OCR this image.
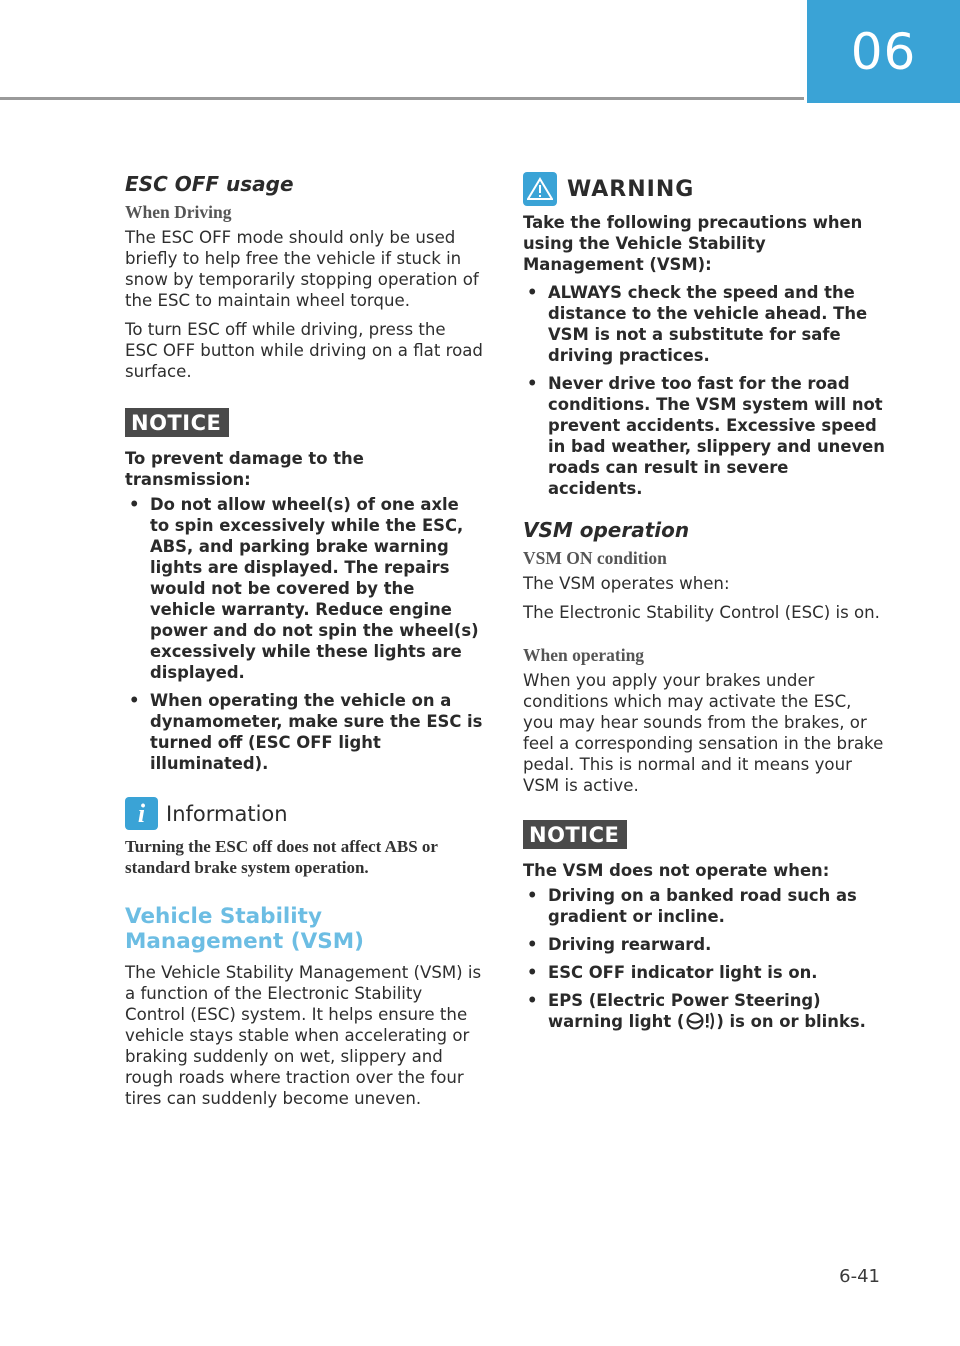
06
ESC OFF usage
When Driving

The ESC OFF mode should only be used briefly to help free the vehicle if stuck in snow by temporarily stopping operation of the ESC to maintain wheel torque.

To turn ESC off while driving, press the ESC OFF button while driving on a flat road surface.

NOTICE
To prevent damage to the transmission:
• Do not allow wheel(s) of one axle to spin excessively while the ESC, ABS, and parking brake warning lights are displayed. The repairs would not be covered by the vehicle warranty. Reduce engine power and do not spin the wheel(s) excessively while these lights are displayed.
• When operating the vehicle on a dynamometer, make sure the ESC is turned off (ESC OFF light illuminated).
i Information

Turning the ESC off does not affect ABS or standard brake system operation.

Vehicle Stability Management (VSM)

The Vehicle Stability Management (VSM) is a function of the Electronic Stability Control (ESC) system. It helps ensure the vehicle stays stable when accelerating or braking suddenly on wet, slippery and rough roads where traction over the four tires can suddenly become uneven.

WARNING
Take the following precautions when using the Vehicle Stability Management (VSM):
• ALWAYS check the speed and the distance to the vehicle ahead. The VSM is not a substitute for safe driving practices.
• Never drive too fast for the road conditions. The VSM system will not prevent accidents. Excessive speed in bad weather, slippery and uneven roads can result in severe accidents.
VSM operation
VSM ON condition

The VSM operates when:

The Electronic Stability Control (ESC) is on.

When operating

When you apply your brakes under conditions which may activate the ESC, you may hear sounds from the brakes, or feel a corresponding sensation in the brake pedal. This is normal and it means your VSM is active.

NOTICE
The VSM does not operate when:
• Driving on a banked road such as gradient or incline.
• Driving rearward.
• ESC OFF indicator light is on.
• EPS (Electric Power Steering) warning light ( ) is on or blinks.
6-41
